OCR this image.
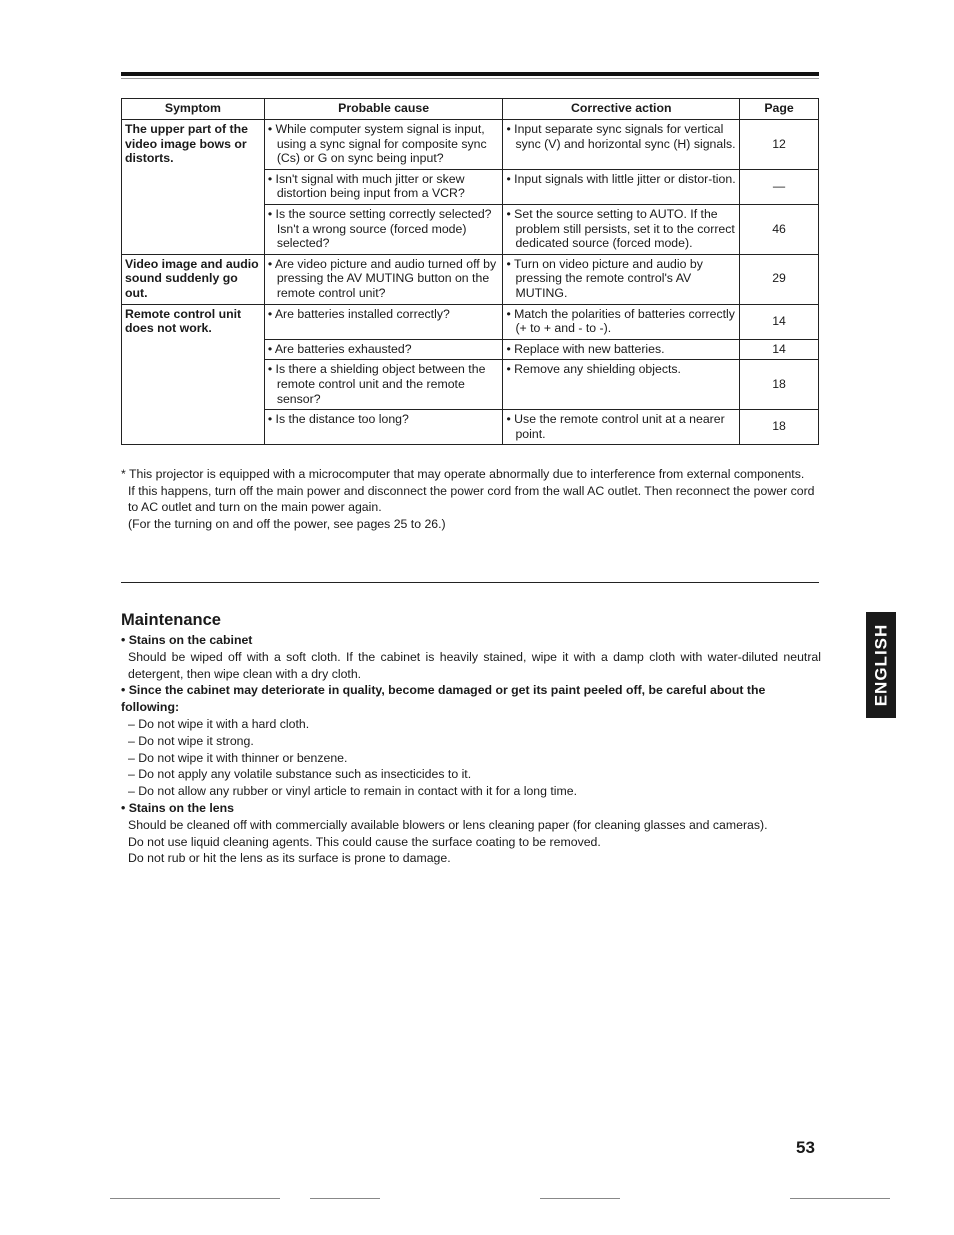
Symptom	Probable cause	Corrective action	Page
The upper part of the video image bows or distorts.	• While computer system signal is input, using a sync signal for composite sync (Cs) or G on sync being input?	• Input separate sync signals for vertical sync (V) and horizontal sync (H) signals.	12

	• Isn't signal with much jitter or skew distortion being input from a VCR?	• Input signals with little jitter or distor-tion.	—

	• Is the source setting correctly selected? Isn't a wrong source (forced mode) selected?	• Set the source setting to AUTO. If the problem still persists, set it to the correct dedicated source (forced mode).	46
Video image and audio sound suddenly go out.	• Are video picture and audio turned off by pressing the AV MUTING button on the remote control unit?	• Turn on video picture and audio by pressing the remote control's AV MUTING.	29
Remote control unit does not work.	• Are batteries installed correctly?	• Match the polarities of batteries correctly (+ to + and - to -).	14

	• Are batteries exhausted?	• Replace with new batteries.	14

	• Is there a shielding object between the remote control unit and the remote sensor?	• Remove any shielding objects.	18

	• Is the distance too long?	• Use the remote control unit at a nearer point.	18

* This projector is equipped with a microcomputer that may operate abnormally due to interference from external components.

If this happens, turn off the main power and disconnect the power cord from the wall AC outlet. Then reconnect the power cord to AC outlet and turn on the main power again.

(For the turning on and off the power, see pages 25 to 26.)

Maintenance

• Stains on the cabinet

Should be wiped off with a soft cloth. If the cabinet is heavily stained, wipe it with a damp cloth with water-diluted neutral detergent, then wipe clean with a dry cloth.

• Since the cabinet may deteriorate in quality, become damaged or get its paint peeled off, be careful about the following:

– Do not wipe it with a hard cloth.

– Do not wipe it strong.

– Do not wipe it with thinner or benzene.

– Do not apply any volatile substance such as insecticides to it.

– Do not allow any rubber or vinyl article to remain in contact with it for a long time.

• Stains on the lens

Should be cleaned off with commercially available blowers or lens cleaning paper (for cleaning glasses and cameras).

Do not use liquid cleaning agents. This could cause the surface coating to be removed.

Do not rub or hit the lens as its surface is prone to damage.

ENGLISH
53
